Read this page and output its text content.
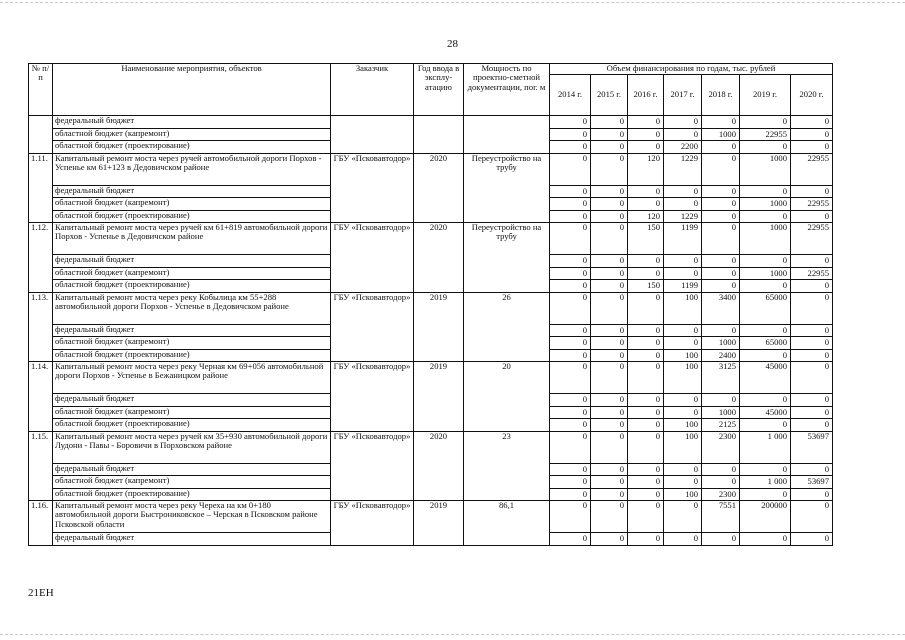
28
№ п/п	Наименование мероприятия, объектов	Заказчик	Год ввода в эксплу- атацию	Мощность по проектно-сметной документации, пог. м	Объем финансирования по годам, тыс. рублей						
					2014 г.	2015 г.	2016 г.	2017 г.	2018 г.	2019 г.	2020 г.
	федеральный бюджет				0	0	0	0	0	0	0
	областной бюджет (капремонт)				0	0	0	0	1000	22955	0
	областной бюджет (проектирование)				0	0	0	2200	0	0	0
1.11.	Капитальный ремонт моста через ручей автомобильной дороги Порхов - Успенье км 61+123 в Дедовичском районе	ГБУ «Псковавтодор»	2020	Переустройство на трубу	0	0	120	1229	0	1000	22955
	федеральный бюджет				0	0	0	0	0	0	0
	областной бюджет (капремонт)				0	0	0	0	0	1000	22955
	областной бюджет (проектирование)				0	0	120	1229	0	0	0
1.12.	Капитальный ремонт моста через ручей км 61+819 автомобильной дороги Порхов - Успенье в Дедовичском районе	ГБУ «Псковавтодор»	2020	Переустройство на трубу	0	0	150	1199	0	1000	22955
	федеральный бюджет				0	0	0	0	0	0	0
	областной бюджет (капремонт)				0	0	0	0	0	1000	22955
	областной бюджет (проектирование)				0	0	150	1199	0	0	0
1.13.	Капитальный ремонт моста через реку Кобылица км 55+288 автомобильной дороги Порхов - Успенье в Дедовичском районе	ГБУ «Псковавтодор»	2019	26	0	0	0	100	3400	65000	0
	федеральный бюджет				0	0	0	0	0	0	0
	областной бюджет (капремонт)				0	0	0	0	1000	65000	0
	областной бюджет (проектирование)				0	0	0	100	2400	0	0
1.14.	Капитальный ремонт моста через реку Черная км 69+056 автомобильной дороги Порхов - Успенье в Бежаницком районе	ГБУ «Псковавтодор»	2019	20	0	0	0	100	3125	45000	0
	федеральный бюджет				0	0	0	0	0	0	0
	областной бюджет (капремонт)				0	0	0	0	1000	45000	0
	областной бюджет (проектирование)				0	0	0	100	2125	0	0
1.15.	Капитальный ремонт моста через ручей км 35+930 автомобильной дороги Лудони - Павы - Боровичи в Порховском районе	ГБУ «Псковавтодор»	2020	23	0	0	0	100	2300	1 000	53697
	федеральный бюджет				0	0	0	0	0	0	0
	областной бюджет (капремонт)				0	0	0	0	0	1 000	53697
	областной бюджет (проектирование)				0	0	0	100	2300	0	0
1.16.	Капитальный ремонт моста через реку Череха на км 0+180 автомобильной дороги Быстрониковское – Черская в Псковском районе Псковской области	ГБУ «Псковавтодор»	2019	86,1	0	0	0	0	7551	200000	0
	федеральный бюджет				0	0	0	0	0	0	0
21ЕН
